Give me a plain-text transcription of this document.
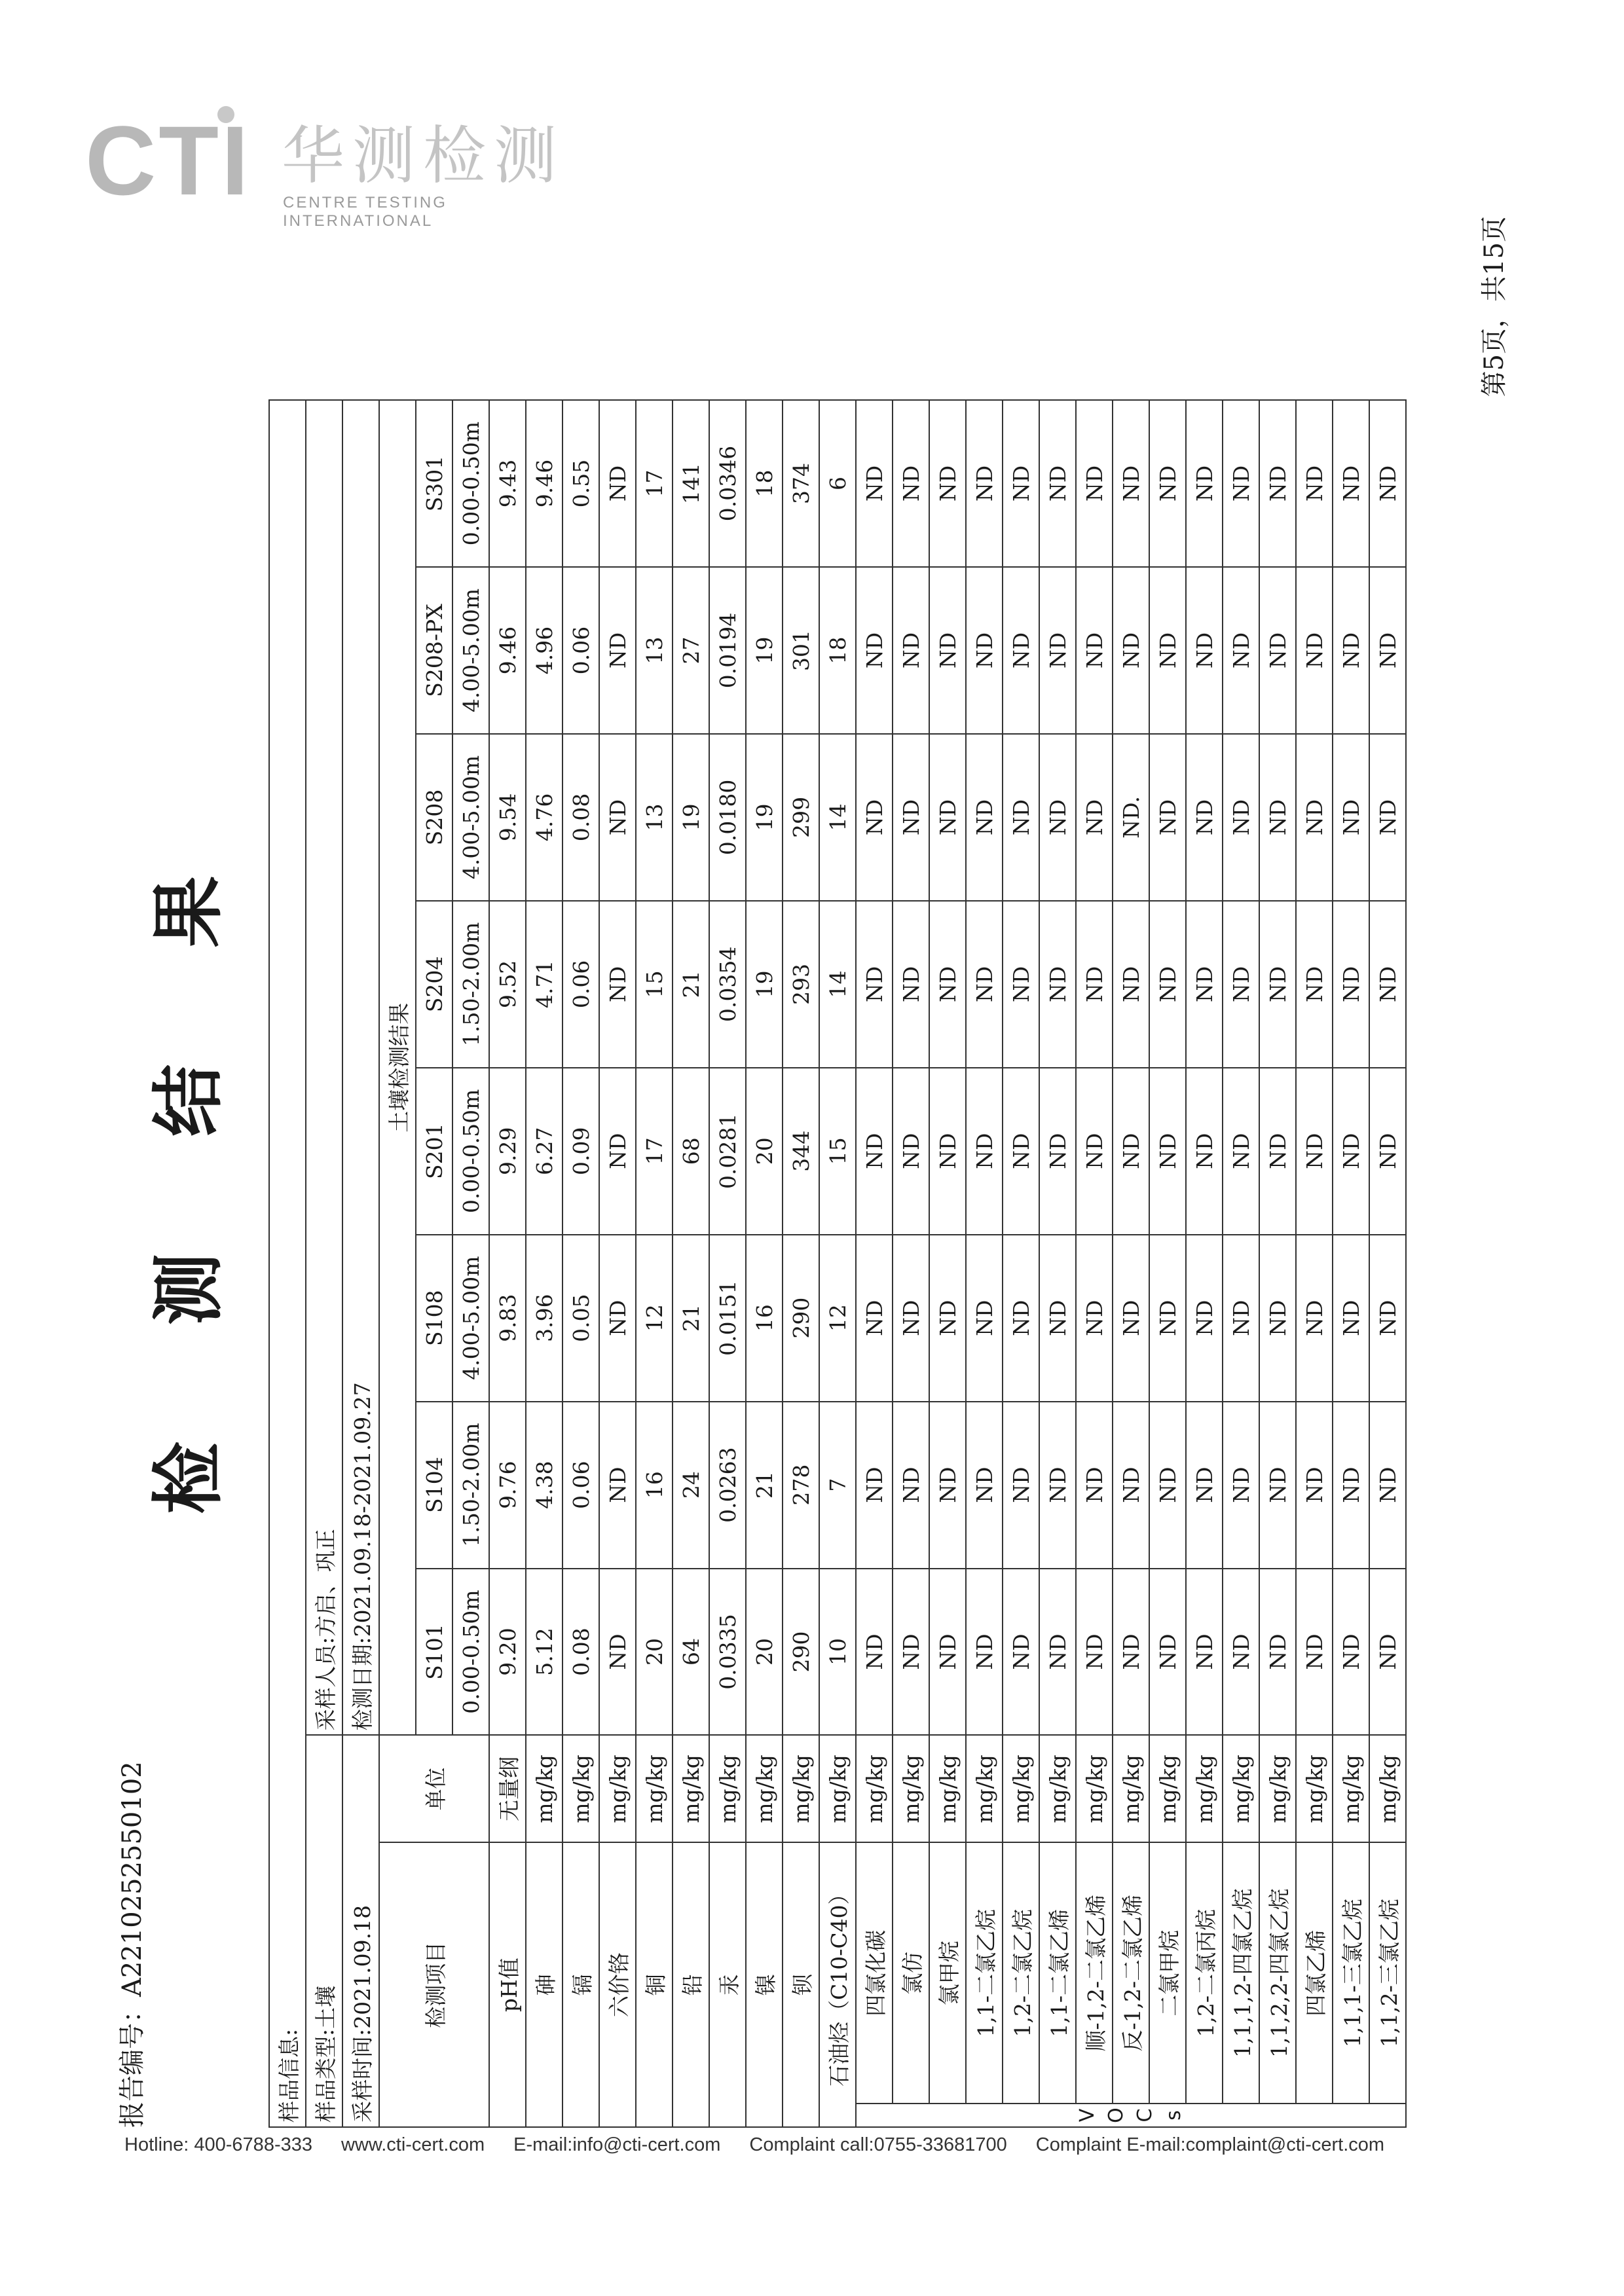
CTI 华测检测
CENTRE TESTING INTERNATIONAL
报告编号：A2210252550102
第5页，共15页
检 测 结 果
样品信息:										
样品类型:土壤			采样人员:方启、巩正							
采样时间:2021.09.18			检测日期:2021.09.18-2021.09.27							
检测项目		单位	土壤检测结果							
			S101	S104	S108	S201	S204	S208	S208-PX	S301
			0.00-0.50m	1.50-2.00m	4.00-5.00m	0.00-0.50m	1.50-2.00m	4.00-5.00m	4.00-5.00m	0.00-0.50m
pH值		无量纲	9.20	9.76	9.83	9.29	9.52	9.54	9.46	9.43
砷		mg/kg	5.12	4.38	3.96	6.27	4.71	4.76	4.96	9.46
镉		mg/kg	0.08	0.06	0.05	0.09	0.06	0.08	0.06	0.55
六价铬		mg/kg	ND	ND	ND	ND	ND	ND	ND	ND
铜		mg/kg	20	16	12	17	15	13	13	17
铅		mg/kg	64	24	21	68	21	19	27	141
汞		mg/kg	0.0335	0.0263	0.0151	0.0281	0.0354	0.0180	0.0194	0.0346
镍		mg/kg	20	21	16	20	19	19	19	18
钡		mg/kg	290	278	290	344	293	299	301	374
石油烃（C10-C40）		mg/kg	10	7	12	15	14	14	18	6

V O C s	四氯化碳	mg/kg	ND	ND	ND	ND	ND	ND	ND	ND
	氯仿	mg/kg	ND	ND	ND	ND	ND	ND	ND	ND
	氯甲烷	mg/kg	ND	ND	ND	ND	ND	ND	ND	ND
	1,1-二氯乙烷	mg/kg	ND	ND	ND	ND	ND	ND	ND	ND
	1,2-二氯乙烷	mg/kg	ND	ND	ND	ND	ND	ND	ND	ND
	1,1-二氯乙烯	mg/kg	ND	ND	ND	ND	ND	ND	ND	ND
	顺-1,2-二氯乙烯	mg/kg	ND	ND	ND	ND	ND	ND	ND	ND
	反-1,2-二氯乙烯	mg/kg	ND	ND	ND	ND	ND	ND.	ND	ND
	二氯甲烷	mg/kg	ND	ND	ND	ND	ND	ND	ND	ND
	1,2-二氯丙烷	mg/kg	ND	ND	ND	ND	ND	ND	ND	ND
	1,1,1,2-四氯乙烷	mg/kg	ND	ND	ND	ND	ND	ND	ND	ND
	1,1,2,2-四氯乙烷	mg/kg	ND	ND	ND	ND	ND	ND	ND	ND
	四氯乙烯	mg/kg	ND	ND	ND	ND	ND	ND	ND	ND
	1,1,1-三氯乙烷	mg/kg	ND	ND	ND	ND	ND	ND	ND	ND
	1,1,2-三氯乙烷	mg/kg	ND	ND	ND	ND	ND	ND	ND	ND
Hotline: 400-6788-333 www.cti-cert.com E-mail:info@cti-cert.com Complaint call:0755-33681700 Complaint E-mail:complaint@cti-cert.com
